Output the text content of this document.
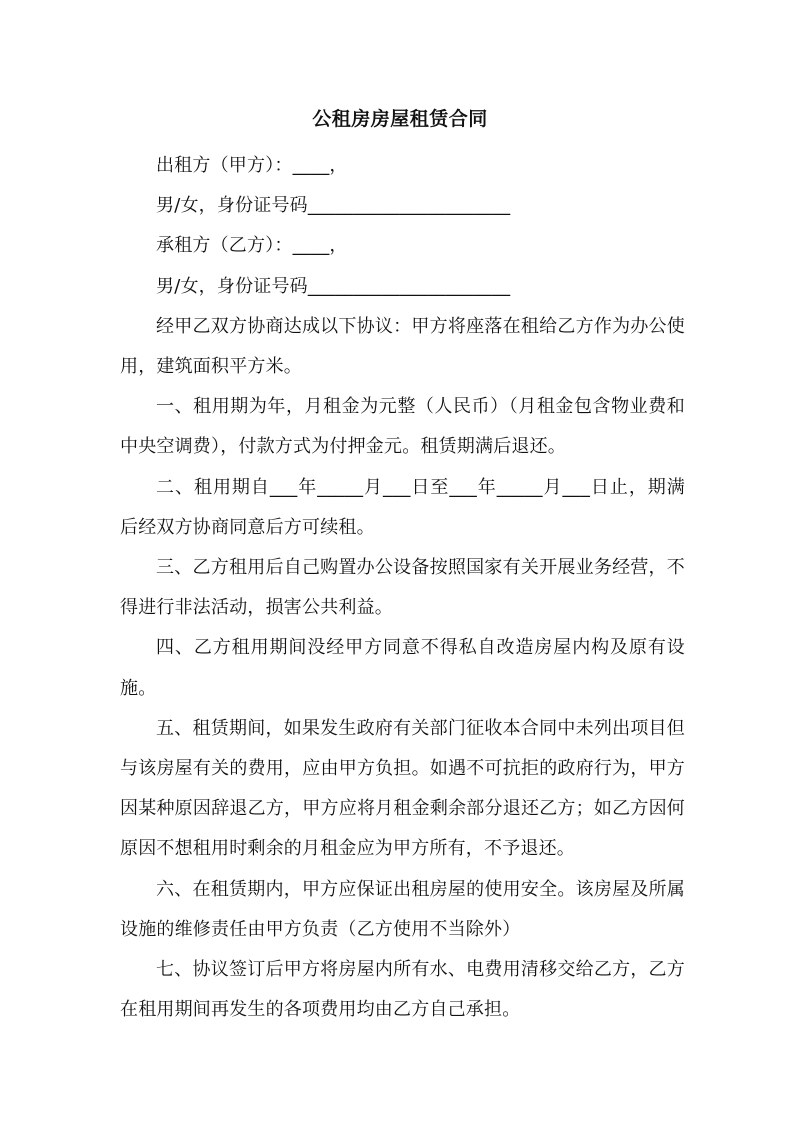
公租房房屋租赁合同

出租方（甲方）：____，

男/女，身份证号码______________________

承租方（乙方）：____，

男/女，身份证号码______________________

经甲乙双方协商达成以下协议：甲方将座落在租给乙方作为办公使用，建筑面积平方米。

一、租用期为年，月租金为元整（人民币）（月租金包含物业费和中央空调费），付款方式为付押金元。租赁期满后退还。

二、租用期自___年_____月___日至___年_____月___日止，期满后经双方协商同意后方可续租。

三、乙方租用后自己购置办公设备按照国家有关开展业务经营，不得进行非法活动，损害公共利益。

四、乙方租用期间没经甲方同意不得私自改造房屋内构及原有设施。

五、租赁期间，如果发生政府有关部门征收本合同中未列出项目但与该房屋有关的费用，应由甲方负担。如遇不可抗拒的政府行为，甲方因某种原因辞退乙方，甲方应将月租金剩余部分退还乙方；如乙方因何原因不想租用时剩余的月租金应为甲方所有，不予退还。

六、在租赁期内，甲方应保证出租房屋的使用安全。该房屋及所属设施的维修责任由甲方负责（乙方使用不当除外）

七、协议签订后甲方将房屋内所有水、电费用清移交给乙方，乙方在租用期间再发生的各项费用均由乙方自己承担。
